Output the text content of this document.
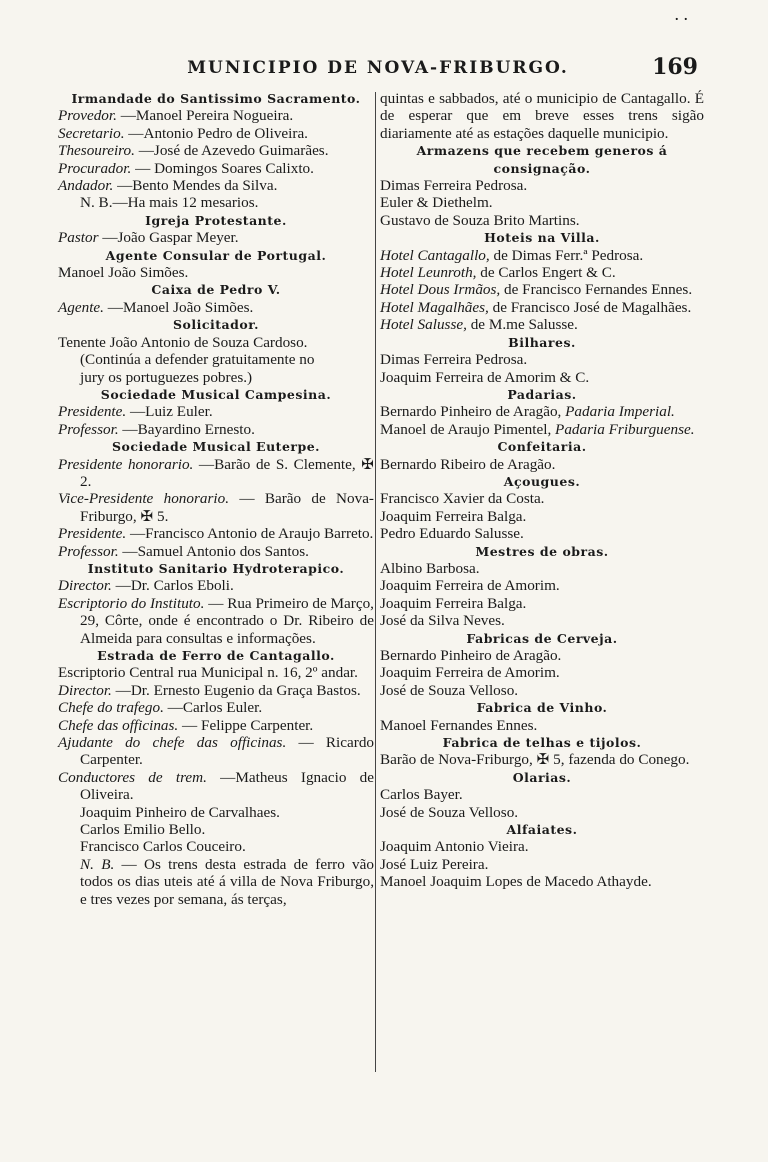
. .
MUNICIPIO DE NOVA-FRIBURGO.	169
Irmandade do Santissimo Sacramento.
Provedor. —Manoel Pereira Nogueira.
Secretario. —Antonio Pedro de Oliveira.
Thesoureiro. —José de Azevedo Guimarães.
Procurador. — Domingos Soares Calixto.
Andador. —Bento Mendes da Silva.
N. B.—Ha mais 12 mesarios.
Igreja Protestante.
Pastor —João Gaspar Meyer.
Agente Consular de Portugal.
Manoel João Simões.
Caixa de Pedro V.
Agente. —Manoel João Simões.
Solicitador.
Tenente João Antonio de Souza Cardoso.
(Continúa a defender gratuitamente no
jury os portuguezes pobres.)
Sociedade Musical Campesina.
Presidente. —Luiz Euler.
Professor. —Bayardino Ernesto.
Sociedade Musical Euterpe.
Presidente honorario. —Barão de S. Clemente, ✠ 2.
Vice-Presidente honorario. — Barão de Nova-Friburgo, ✠ 5.
Presidente. —Francisco Antonio de Araujo Barreto.
Professor. —Samuel Antonio dos Santos.
Instituto Sanitario Hydroterapico.
Director. —Dr. Carlos Eboli.
Escriptorio do Instituto. — Rua Primeiro de Março, 29, Côrte, onde é encontrado o Dr. Ribeiro de Almeida para consultas e informações.
Estrada de Ferro de Cantagallo.
Escriptorio Central rua Municipal n. 16, 2º andar.
Director. —Dr. Ernesto Eugenio da Graça Bastos.
Chefe do trafego. —Carlos Euler.
Chefe das officinas. — Felippe Carpenter.
Ajudante do chefe das officinas. — Ricardo Carpenter.
Conductores de trem. —Matheus Ignacio de Oliveira.
Joaquim Pinheiro de Carvalhaes.
Carlos Emilio Bello.
Francisco Carlos Couceiro.
N. B. — Os trens desta estrada de ferro vão todos os dias uteis até á villa de Nova Friburgo, e tres vezes por semana, ás terças,
quintas e sabbados, até o municipio de Cantagallo. É de esperar que em breve esses trens sigão diariamente até as estações daquelle municipio.
Armazens que recebem generos á consignação.
Dimas Ferreira Pedrosa.
Euler & Diethelm.
Gustavo de Souza Brito Martins.
Hoteis na Villa.
Hotel Cantagallo, de Dimas Ferr.ª Pedrosa.
Hotel Leunroth, de Carlos Engert & C.
Hotel Dous Irmãos, de Francisco Fernandes Ennes.
Hotel Magalhães, de Francisco José de Magalhães.
Hotel Salusse, de M.me Salusse.
Bilhares.
Dimas Ferreira Pedrosa.
Joaquim Ferreira de Amorim & C.
Padarias.
Bernardo Pinheiro de Aragão, Padaria Imperial.
Manoel de Araujo Pimentel, Padaria Friburguense.
Confeitaria.
Bernardo Ribeiro de Aragão.
Açougues.
Francisco Xavier da Costa.
Joaquim Ferreira Balga.
Pedro Eduardo Salusse.
Mestres de obras.
Albino Barbosa.
Joaquim Ferreira de Amorim.
Joaquim Ferreira Balga.
José da Silva Neves.
Fabricas de Cerveja.
Bernardo Pinheiro de Aragão.
Joaquim Ferreira de Amorim.
José de Souza Velloso.
Fabrica de Vinho.
Manoel Fernandes Ennes.
Fabrica de telhas e tijolos.
Barão de Nova-Friburgo, ✠ 5, fazenda do Conego.
Olarias.
Carlos Bayer.
José de Souza Velloso.
Alfaiates.
Joaquim Antonio Vieira.
José Luiz Pereira.
Manoel Joaquim Lopes de Macedo Athayde.
